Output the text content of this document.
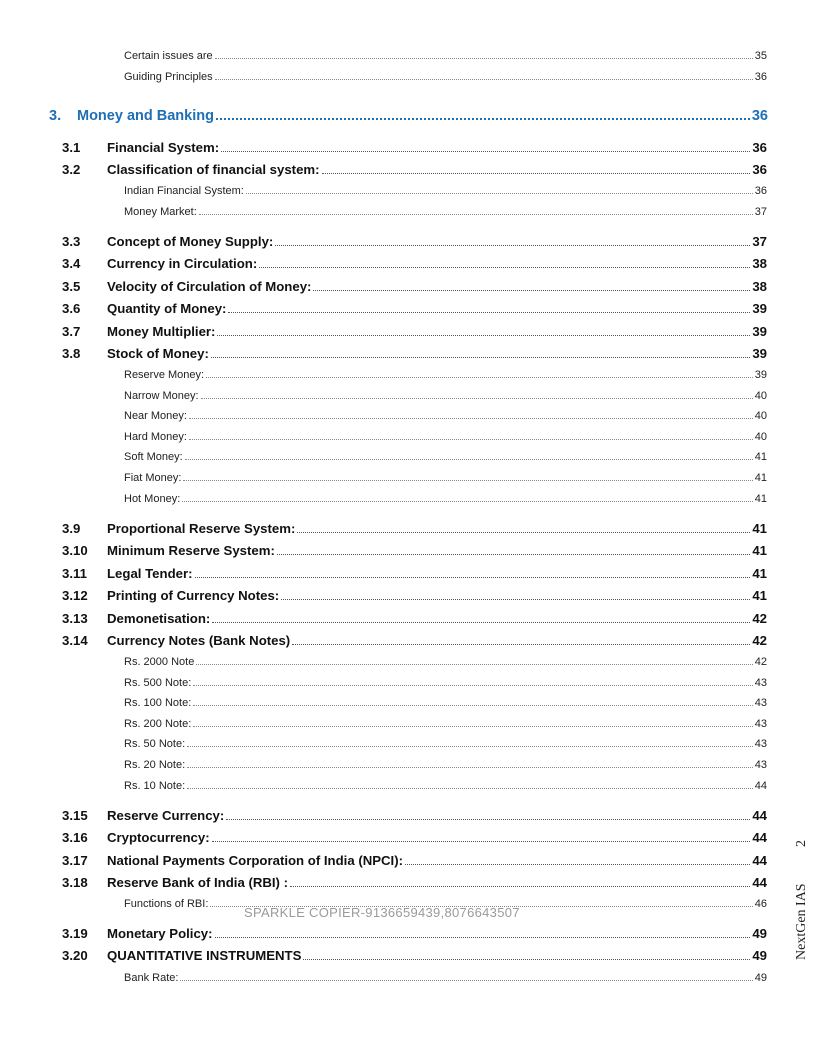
Certain issues are	35
Guiding Principles	36
3.	Money and Banking	36
3.1	Financial System:	36
3.2	Classification of financial system:	36
Indian Financial System:	36
Money Market:	37
3.3	Concept of Money Supply:	37
3.4	Currency in Circulation:	38
3.5	Velocity of Circulation of Money:	38
3.6	Quantity of Money:	39
3.7	Money Multiplier:	39
3.8	Stock of Money:	39
Reserve Money:	39
Narrow Money:	40
Near Money:	40
Hard Money:	40
Soft Money:	41
Fiat Money:	41
Hot Money:	41
3.9	Proportional Reserve System:	41
3.10	Minimum Reserve System:	41
3.11	Legal Tender:	41
3.12	Printing of Currency Notes:	41
3.13	Demonetisation:	42
3.14	Currency Notes (Bank Notes)	42
Rs. 2000 Note	42
Rs. 500 Note:	43
Rs. 100 Note:	43
Rs. 200 Note:	43
Rs. 50 Note:	43
Rs. 20 Note:	43
Rs. 10 Note:	44
3.15	Reserve Currency:	44
3.16	Cryptocurrency:	44
3.17	National Payments Corporation of India (NPCI):	44
3.18	Reserve Bank of India (RBI) :	44
Functions of RBI:	46
3.19	Monetary Policy:	49
3.20	QUANTITATIVE INSTRUMENTS	49
Bank Rate:	49
SPARKLE COPIER-9136659439,8076643507	NextGen IAS
2
